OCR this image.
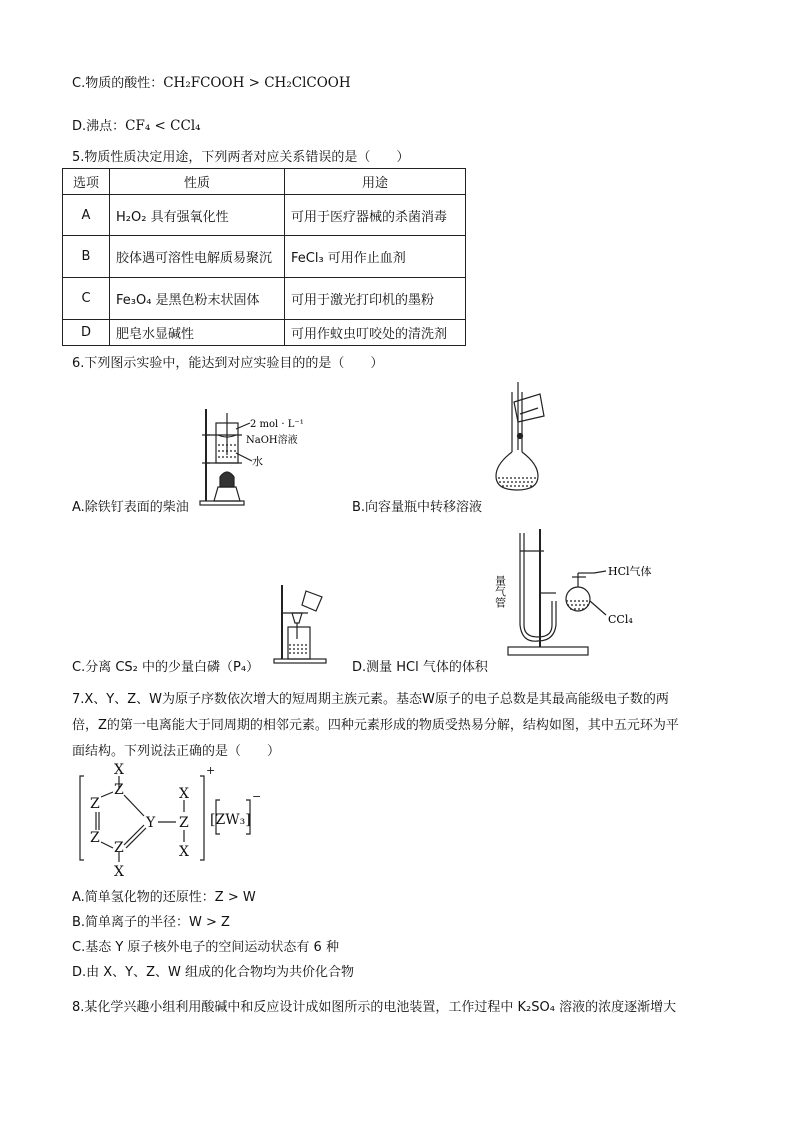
C.物质的酸性：CH₂FCOOH > CH₂ClCOOH
D.沸点：CF₄ < CCl₄
5.物质性质决定用途，下列两者对应关系错误的是（　　）
选项	性质	用途
A	H₂O₂ 具有强氧化性	可用于医疗器械的杀菌消毒
B	胶体遇可溶性电解质易聚沉	FeCl₃ 可用作止血剂
C	Fe₃O₄ 是黑色粉末状固体	可用于激光打印机的墨粉
D	肥皂水显碱性	可用作蚊虫叮咬处的清洗剂
6.下列图示实验中，能达到对应实验目的的是（　　）
2 mol · L⁻¹
NaOH溶液
水
A.除铁钉表面的柴油	B.向容量瓶中转移溶液
C.分离 CS₂ 中的少量白磷（P₄）
量气管
HCl气体
CCl₄
D.测量 HCl 气体的体积
7.X、Y、Z、W为原子序数依次增大的短周期主族元素。基态W原子的电子总数是其最高能级电子数的两
倍，Z的第一电离能大于同周期的相邻元素。四种元素形成的物质受热易分解，结构如图，其中五元环为平
面结构。下列说法正确的是（　　）
X
Z
Z
Z
Z
X
Y
X
Z
X
+
[ZW₃]
−
A.简单氢化物的还原性：Z > W
B.简单离子的半径：W > Z
C.基态 Y 原子核外电子的空间运动状态有 6 种
D.由 X、Y、Z、W 组成的化合物均为共价化合物
8.某化学兴趣小组利用酸碱中和反应设计成如图所示的电池装置，工作过程中 K₂SO₄ 溶液的浓度逐渐增大
